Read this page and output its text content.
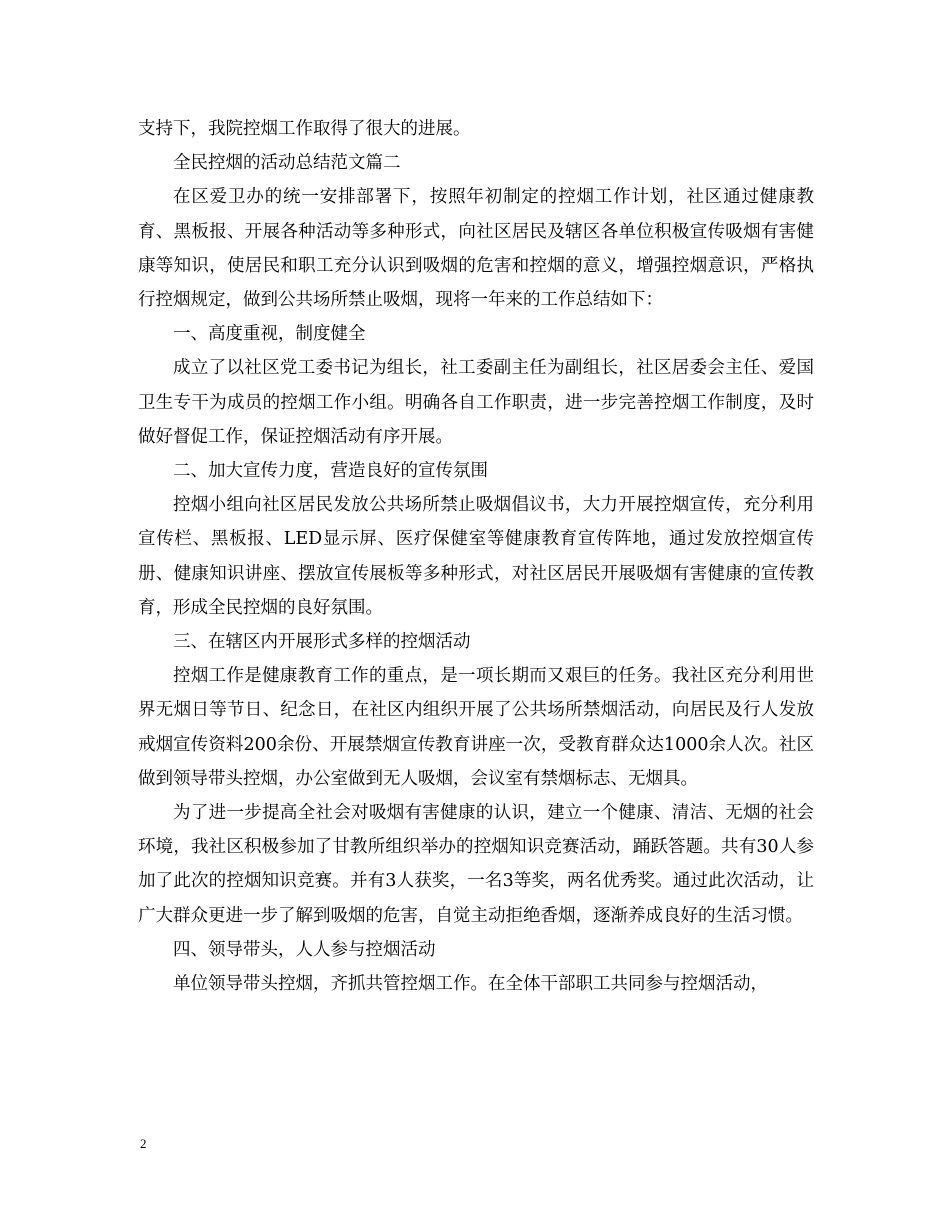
支持下，我院控烟工作取得了很大的进展。

全民控烟的活动总结范文篇二

在区爱卫办的统一安排部署下，按照年初制定的控烟工作计划，社区通过健康教育、黑板报、开展各种活动等多种形式，向社区居民及辖区各单位积极宣传吸烟有害健康等知识，使居民和职工充分认识到吸烟的危害和控烟的意义，增强控烟意识，严格执行控烟规定，做到公共场所禁止吸烟，现将一年来的工作总结如下：

一、高度重视，制度健全

成立了以社区党工委书记为组长，社工委副主任为副组长，社区居委会主任、爱国卫生专干为成员的控烟工作小组。明确各自工作职责，进一步完善控烟工作制度，及时做好督促工作，保证控烟活动有序开展。

二、加大宣传力度，营造良好的宣传氛围

控烟小组向社区居民发放公共场所禁止吸烟倡议书，大力开展控烟宣传，充分利用宣传栏、黑板报、LED显示屏、医疗保健室等健康教育宣传阵地，通过发放控烟宣传册、健康知识讲座、摆放宣传展板等多种形式，对社区居民开展吸烟有害健康的宣传教育，形成全民控烟的良好氛围。

三、在辖区内开展形式多样的控烟活动

控烟工作是健康教育工作的重点，是一项长期而又艰巨的任务。我社区充分利用世界无烟日等节日、纪念日，在社区内组织开展了公共场所禁烟活动，向居民及行人发放戒烟宣传资料200余份、开展禁烟宣传教育讲座一次，受教育群众达1000余人次。社区做到领导带头控烟，办公室做到无人吸烟，会议室有禁烟标志、无烟具。

为了进一步提高全社会对吸烟有害健康的认识，建立一个健康、清洁、无烟的社会环境，我社区积极参加了甘教所组织举办的控烟知识竞赛活动，踊跃答题。共有30人参加了此次的控烟知识竞赛。并有3人获奖，一名3等奖，两名优秀奖。通过此次活动，让广大群众更进一步了解到吸烟的危害，自觉主动拒绝香烟，逐渐养成良好的生活习惯。

四、领导带头，人人参与控烟活动

单位领导带头控烟，齐抓共管控烟工作。在全体干部职工共同参与控烟活动，

2
